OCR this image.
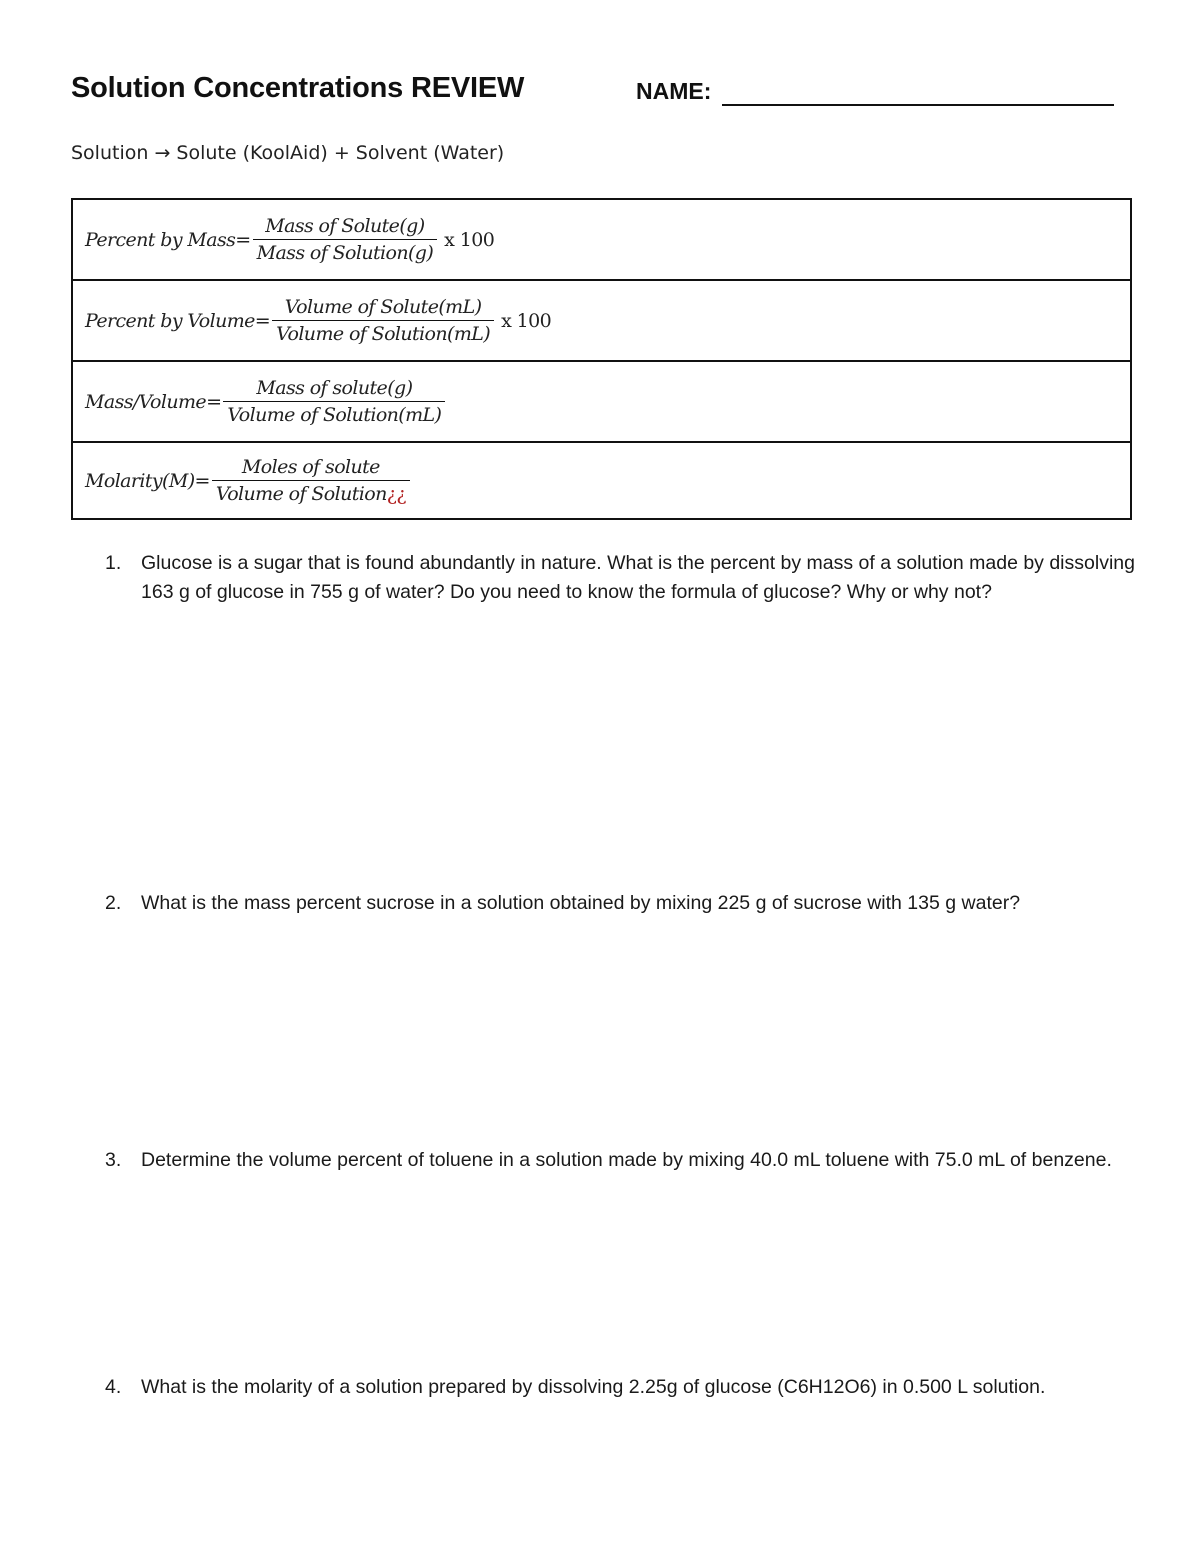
Solution Concentrations REVIEW	NAME:
Solution → Solute (KoolAid) + Solvent (Water)
Percent by Mass= $\frac{\text{Mass of Solute(g)}}{\text{Mass of Solution(g)}}$ x 100

Percent by Volume= $\frac{\text{Volume of Solute(mL)}}{\text{Volume of Solution(mL)}}$ x 100

Mass/Volume= $\frac{\text{Mass of solute(g)}}{\text{Volume of Solution(mL)}}$

Molarity(M)= $\frac{\text{Moles of solute}}{\text{Volume of Solution¿¿}}$
1.	Glucose is a sugar that is found abundantly in nature. What is the percent by mass of a solution made by dissolving 163 g of glucose in 755 g of water? Do you need to know the formula of glucose? Why or why not?
2.	What is the mass percent sucrose in a solution obtained by mixing 225 g of sucrose with 135 g water?
3.	Determine the volume percent of toluene in a solution made by mixing 40.0 mL toluene with 75.0 mL of benzene.
4.	What is the molarity of a solution prepared by dissolving 2.25g of glucose (C6H12O6) in 0.500 L solution.
